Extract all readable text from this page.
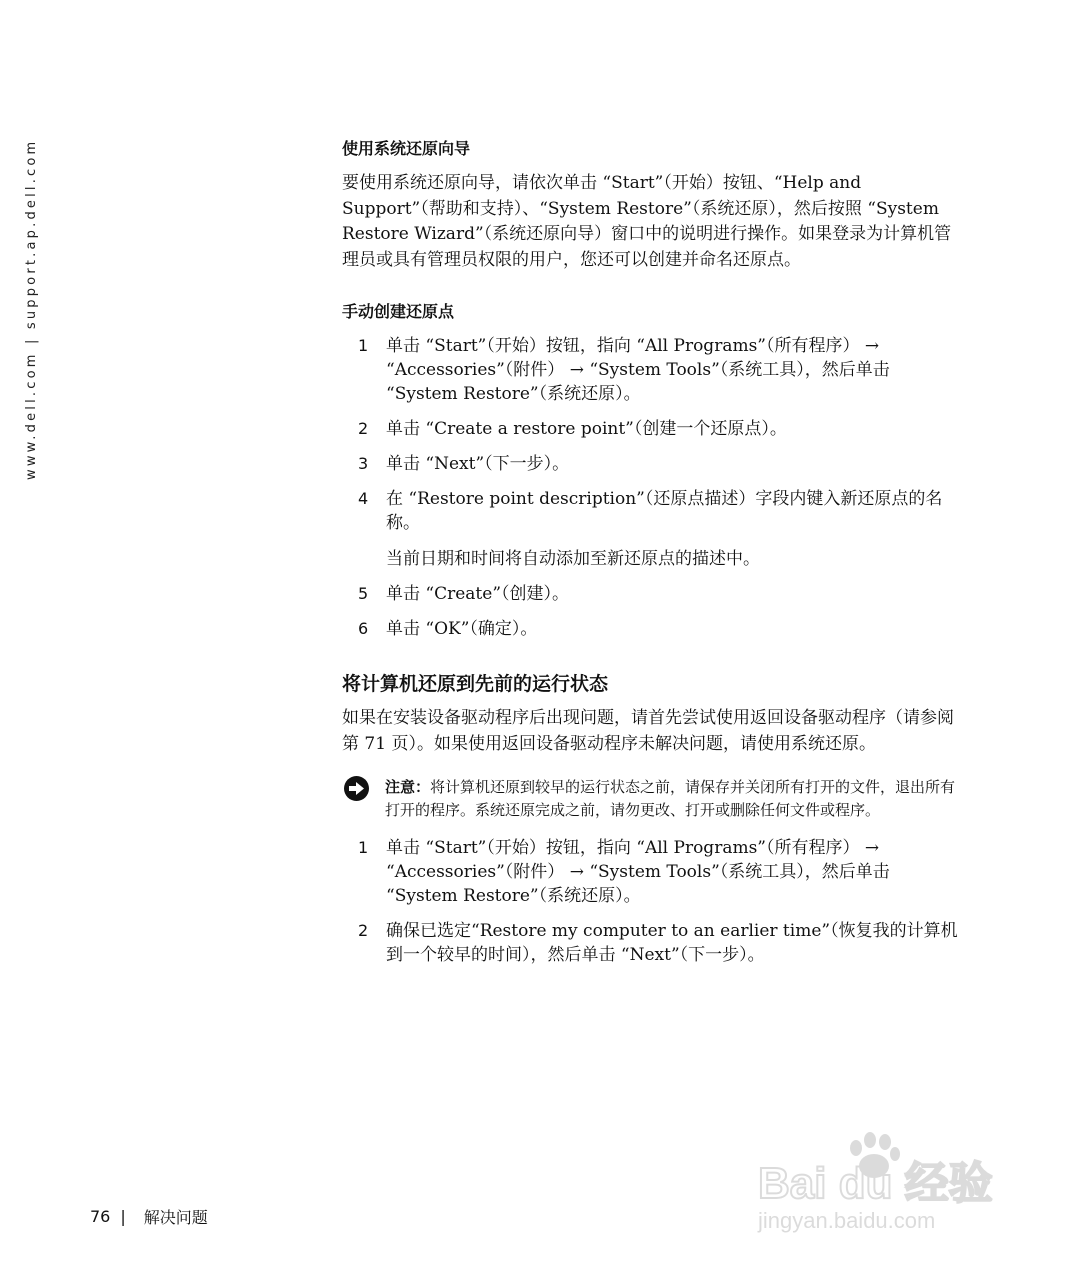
www.dell.com | support.ap.dell.com	使用系统还原向导

要使用系统还原向导，请依次单击 “Start”（开始）按钮、“Help and Support”（帮助和支持）、“System Restore”（系统还原），然后按照 “System Restore Wizard”（系统还原向导）窗口中的说明进行操作。如果登录为计算机管理员或具有管理员权限的用户，您还可以创建并命名还原点。

手动创建还原点
1 单击 “Start”（开始）按钮，指向 “All Programs”（所有程序） → “Accessories”（附件） → “System Tools”（系统工具），然后单击 “System Restore”（系统还原）。

2 单击 “Create a restore point”（创建一个还原点）。

3 单击 “Next”（下一步）。

4 在 “Restore point description”（还原点描述）字段内键入新还原点的名称。

当前日期和时间将自动添加至新还原点的描述中。

5 单击 “Create”（创建）。

6 单击 “OK”（确定）。

将计算机还原到先前的运行状态

如果在安装设备驱动程序后出现问题，请首先尝试使用返回设备驱动程序（请参阅第 71 页）。如果使用返回设备驱动程序未解决问题，请使用系统还原。

注意：将计算机还原到较早的运行状态之前，请保存并关闭所有打开的文件，退出所有打开的程序。系统还原完成之前，请勿更改、打开或删除任何文件或程序。

1 单击 “Start”（开始）按钮，指向 “All Programs”（所有程序） → “Accessories”（附件） → “System Tools”（系统工具），然后单击 “System Restore”（系统还原）。

2 确保已选定“Restore my computer to an earlier time”（恢复我的计算机到一个较早的时间），然后单击 “Next”（下一步）。

76 | 解决问题
Bai du 经验
jingyan.baidu.com
